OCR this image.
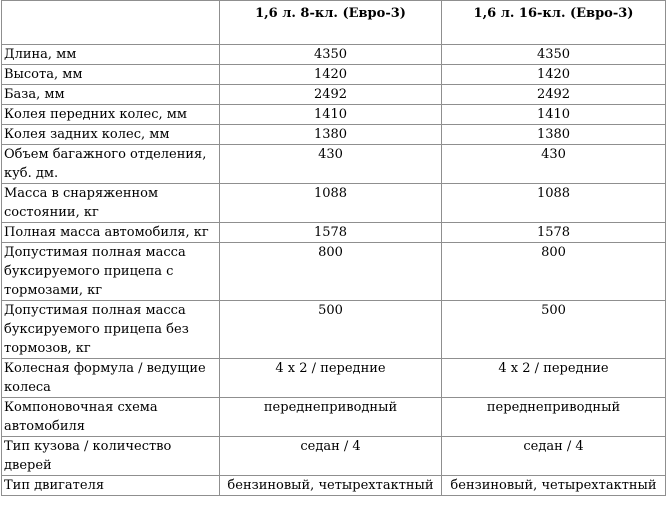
	1,6 л. 8-кл. (Евро-3)	1,6 л. 16-кл. (Евро-3)
Длина, мм	4350	4350
Высота, мм	1420	1420
База, мм	2492	2492
Колея передних колес, мм	1410	1410
Колея задних колес, мм	1380	1380
Объем багажного отделения, куб. дм.	430	430
Масса в снаряженном состоянии, кг	1088	1088
Полная масса автомобиля, кг	1578	1578
Допустимая полная масса буксируемого прицепа с тормозами, кг	800	800
Допустимая полная масса буксируемого прицепа без тормозов, кг	500	500
Колесная формула / ведущие колеса	4 x 2 / передние	4 x 2 / передние
Компоновочная схема автомобиля	переднеприводный	переднеприводный
Тип кузова / количество дверей	седан / 4	седан / 4
Тип двигателя	бензиновый, четырехтактный	бензиновый, четырехтактный
